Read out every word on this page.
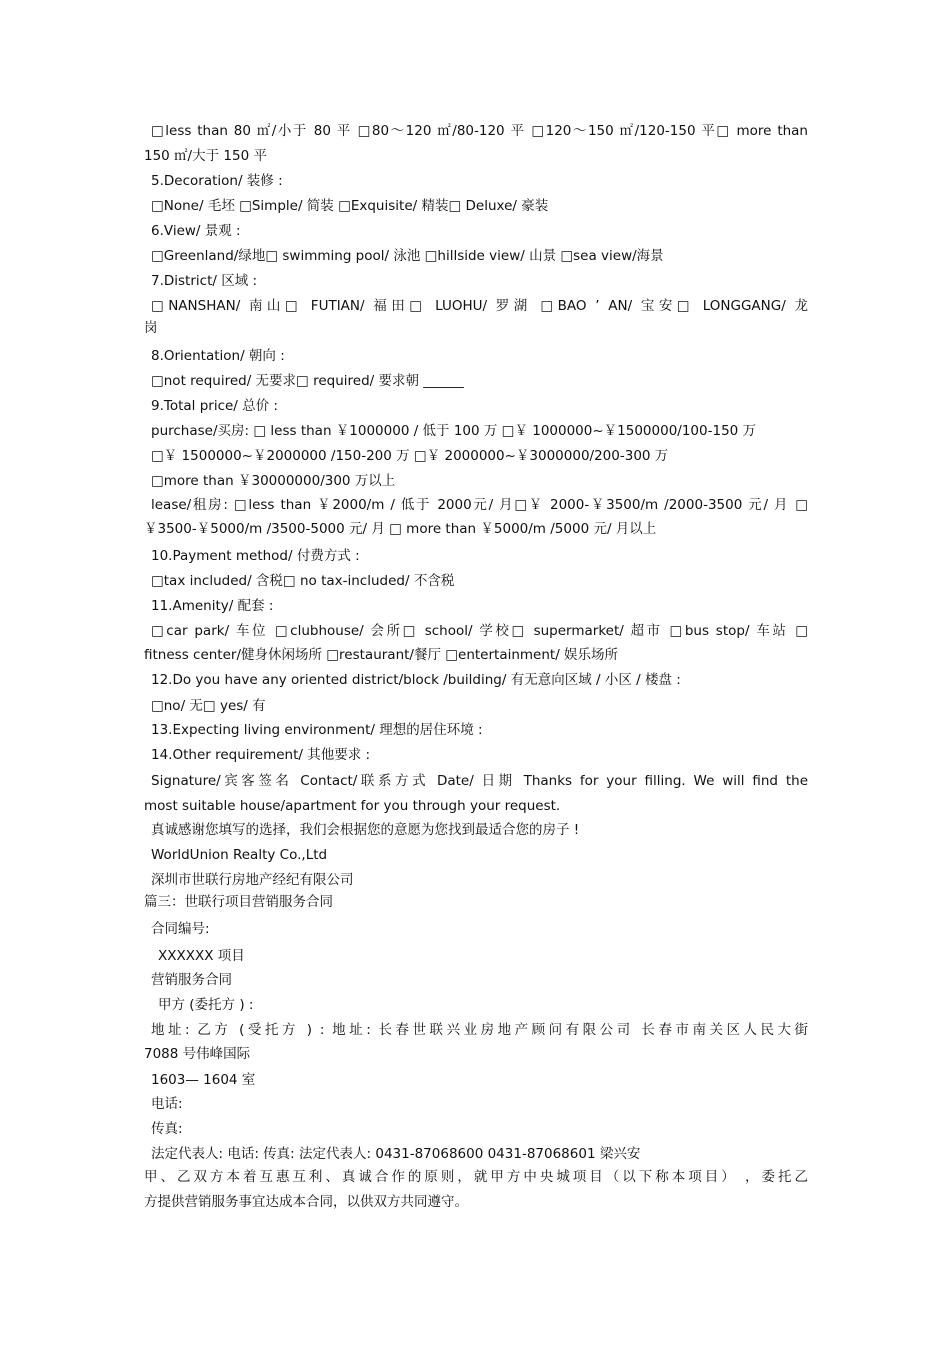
□less than 80 ㎡/小于 80 平 □80～120 ㎡/80-120 平 □120～150 ㎡/120-150 平□ more than
150 ㎡/大于 150 平
5.Decoration/ 装修 :
□None/ 毛坯 □Simple/ 简装 □Exquisite/ 精装□ Deluxe/ 豪装
6.View/ 景观 :
□Greenland/绿地□ swimming pool/ 泳池 □hillside view/ 山景 □sea view/海景
7.District/ 区域 :
□NANSHAN/ 南山□ FUTIAN/ 福田□ LUOHU/ 罗湖 □BAO ’ AN/ 宝安□ LONGGANG/ 龙
岗
8.Orientation/ 朝向 :
□not required/ 无要求□ required/ 要求朝 ______
9.Total price/ 总价 :
purchase/买房: □ less than ￥1000000 / 低于 100 万 □￥ 1000000~￥1500000/100-150 万
□￥ 1500000~￥2000000 /150-200 万 □￥ 2000000~￥3000000/200-300 万
□more than ￥30000000/300 万以上
lease/租房: □less than ￥2000/m / 低于 2000元/ 月□￥ 2000-￥3500/m /2000-3500 元/ 月 □
￥3500-￥5000/m /3500-5000 元/ 月 □ more than ￥5000/m /5000 元/ 月以上
10.Payment method/ 付费方式 :
□tax included/ 含税□ no tax-included/ 不含税
11.Amenity/ 配套 :
□car park/ 车位 □clubhouse/ 会所□ school/ 学校□ supermarket/ 超市 □bus stop/ 车站 □
fitness center/健身休闲场所 □restaurant/餐厅 □entertainment/ 娱乐场所
12.Do you have any oriented district/block /building/ 有无意向区域 / 小区 / 楼盘 :
□no/ 无□ yes/ 有
13.Expecting living environment/ 理想的居住环境 :
14.Other requirement/ 其他要求 :
Signature/宾客签名 Contact/联系方式 Date/ 日期 Thanks for your filling. We will find the
most suitable house/apartment for you through your request.
真诚感谢您填写的选择，我们会根据您的意愿为您找到最适合您的房子 !
WorldUnion Realty Co.,Ltd
深圳市世联行房地产经纪有限公司
篇三：世联行项目营销服务合同
合同编号:
XXXXXX 项目
营销服务合同
甲方 (委托方 ) :
地址: 乙方 (受托方 ) : 地址: 长春世联兴业房地产顾问有限公司 长春市南关区人民大街
7088 号伟峰国际
1603— 1604 室
电话:
传真:
法定代表人: 电话: 传真: 法定代表人: 0431-87068600 0431-87068601 梁兴安
甲、乙双方本着互惠互利、真诚合作的原则，就甲方中央城项目（以下称本项目） ，委托乙
方提供营销服务事宜达成本合同，以供双方共同遵守。
